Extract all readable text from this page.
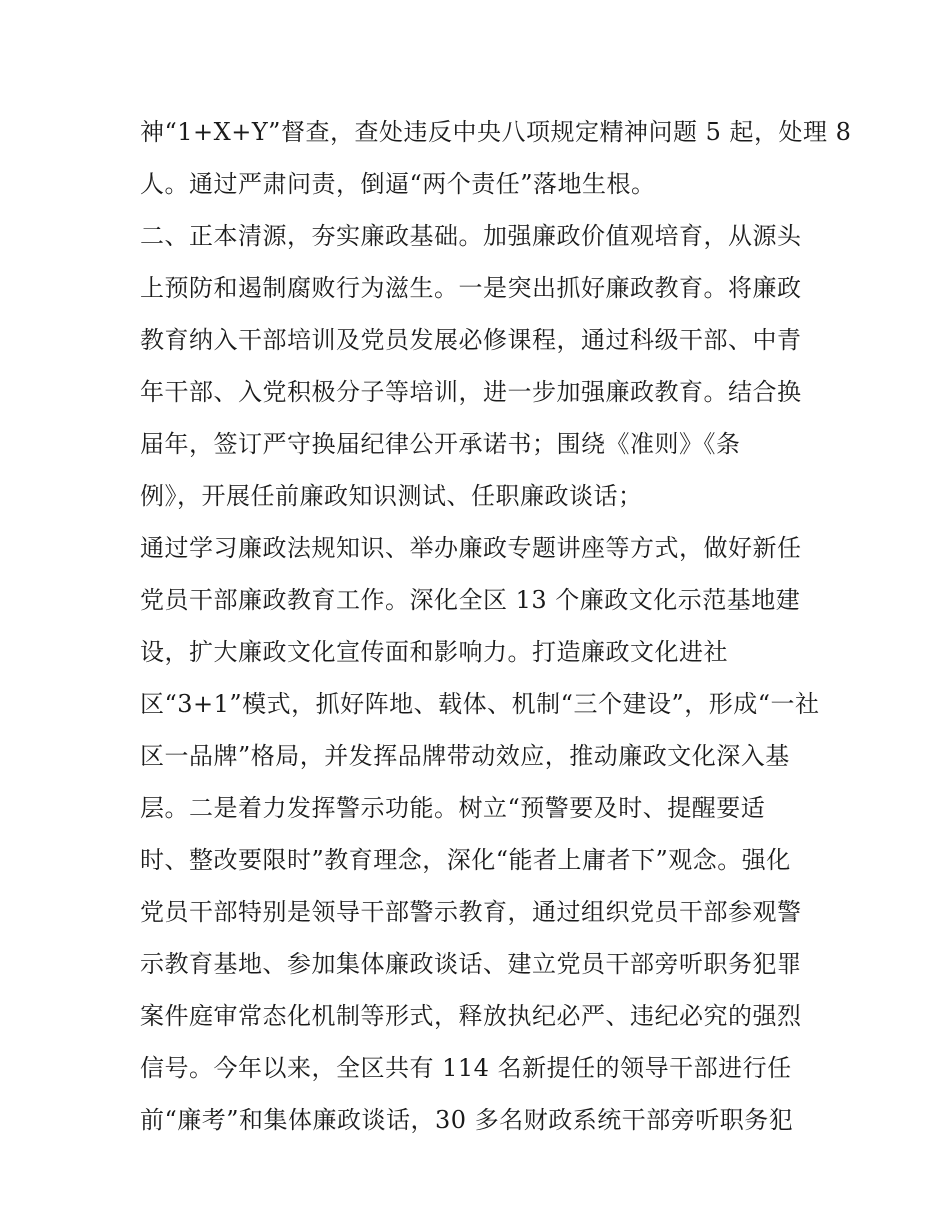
神“1+X+Y”督查，查处违反中央八项规定精神问题 5 起，处理 8
人。通过严肃问责，倒逼“两个责任”落地生根。
二、正本清源，夯实廉政基础。加强廉政价值观培育，从源头
上预防和遏制腐败行为滋生。一是突出抓好廉政教育。将廉政
教育纳入干部培训及党员发展必修课程，通过科级干部、中青
年干部、入党积极分子等培训，进一步加强廉政教育。结合换
届年，签订严守换届纪律公开承诺书；围绕《准则》《条
例》，开展任前廉政知识测试、任职廉政谈话；
通过学习廉政法规知识、举办廉政专题讲座等方式，做好新任
党员干部廉政教育工作。深化全区 13 个廉政文化示范基地建
设，扩大廉政文化宣传面和影响力。打造廉政文化进社
区“3+1”模式，抓好阵地、载体、机制“三个建设”，形成“一社
区一品牌”格局，并发挥品牌带动效应，推动廉政文化深入基
层。二是着力发挥警示功能。树立“预警要及时、提醒要适
时、整改要限时”教育理念，深化“能者上庸者下”观念。强化
党员干部特别是领导干部警示教育，通过组织党员干部参观警
示教育基地、参加集体廉政谈话、建立党员干部旁听职务犯罪
案件庭审常态化机制等形式，释放执纪必严、违纪必究的强烈
信号。今年以来，全区共有 114 名新提任的领导干部进行任
前“廉考”和集体廉政谈话，30 多名财政系统干部旁听职务犯
